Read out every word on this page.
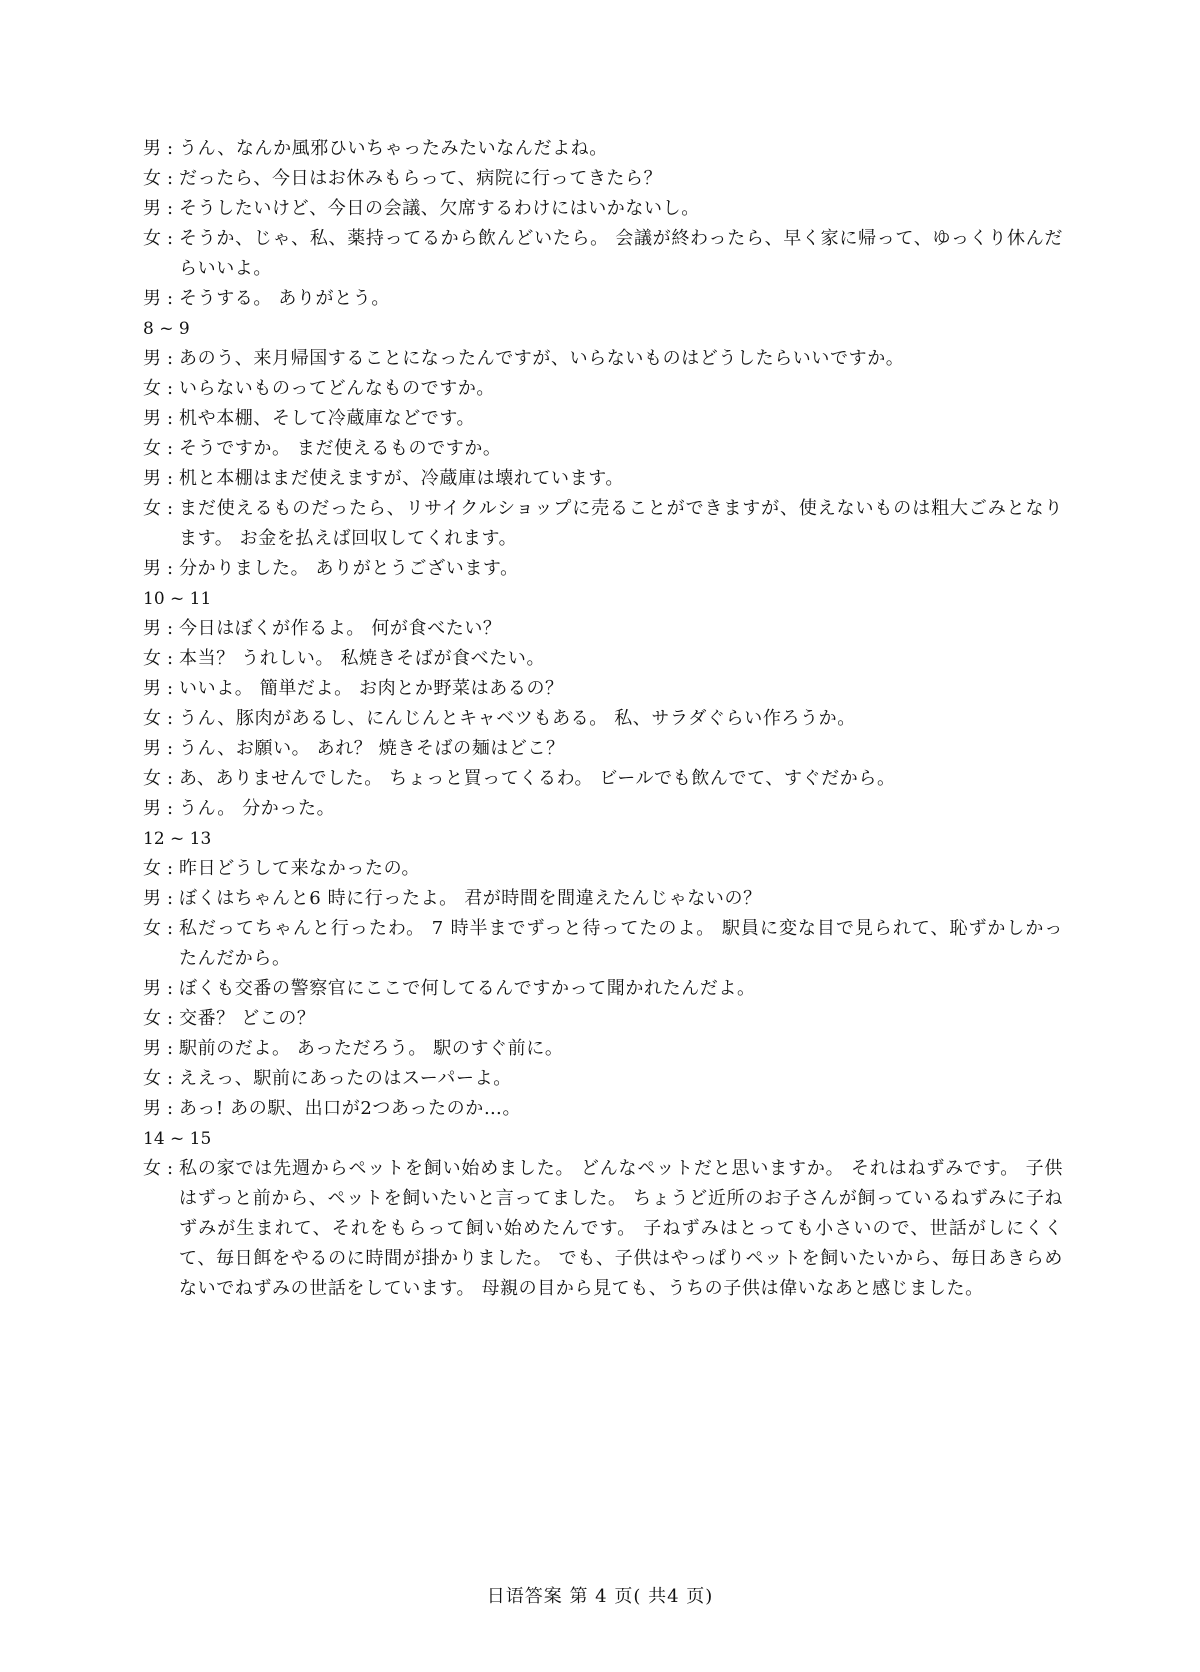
男 : うん、なんか風邪ひいちゃったみたいなんだよね。

女 : だったら、今日はお休みもらって、病院に行ってきたら？

男 : そうしたいけど、今日の会議、欠席するわけにはいかないし。

女 : そうか、じゃ、私、薬持ってるから飲んどいたら。 会議が終わったら、早く家に帰って、ゆっくり休んだらいいよ。

男 : そうする。 ありがとう。

8 ~ 9

男 : あのう、来月帰国することになったんですが、いらないものはどうしたらいいですか。

女 : いらないものってどんなものですか。

男 : 机や本棚、そして冷蔵庫などです。

女 : そうですか。 まだ使えるものですか。

男 : 机と本棚はまだ使えますが、冷蔵庫は壊れています。

女 : まだ使えるものだったら、リサイクルショップに売ることができますが、使えないものは粗大ごみとなります。 お金を払えば回収してくれます。

男 : 分かりました。 ありがとうございます。

10 ~ 11

男 : 今日はぼくが作るよ。 何が食べたい？

女 : 本当？ うれしい。 私焼きそばが食べたい。

男 : いいよ。 簡単だよ。 お肉とか野菜はあるの？

女 : うん、豚肉があるし、にんじんとキャベツもある。 私、サラダぐらい作ろうか。

男 : うん、お願い。 あれ？ 焼きそばの麺はどこ？

女 : あ、ありませんでした。 ちょっと買ってくるわ。 ビールでも飲んでて、すぐだから。

男 : うん。 分かった。

12 ~ 13

女 : 昨日どうして来なかったの。

男 : ぼくはちゃんと6 時に行ったよ。 君が時間を間違えたんじゃないの？

女 : 私だってちゃんと行ったわ。 7 時半までずっと待ってたのよ。 駅員に変な目で見られて、恥ずかしかったんだから。

男 : ぼくも交番の警察官にここで何してるんですかって聞かれたんだよ。

女 : 交番？ どこの？

男 : 駅前のだよ。 あっただろう。 駅のすぐ前に。

女 : ええっ、駅前にあったのはスーパーよ。

男 : あっ! あの駅、出口が2つあったのか…。

14 ~ 15

女 : 私の家では先週からペットを飼い始めました。 どんなペットだと思いますか。 それはねずみです。 子供はずっと前から、ペットを飼いたいと言ってました。 ちょうど近所のお子さんが飼っているねずみに子ねずみが生まれて、それをもらって飼い始めたんです。 子ねずみはとっても小さいので、世話がしにくくて、毎日餌をやるのに時間が掛かりました。 でも、子供はやっぱりペットを飼いたいから、毎日あきらめないでねずみの世話をしています。 母親の目から見ても、うちの子供は偉いなあと感じました。

日语答案 第 4 页( 共4 页)
